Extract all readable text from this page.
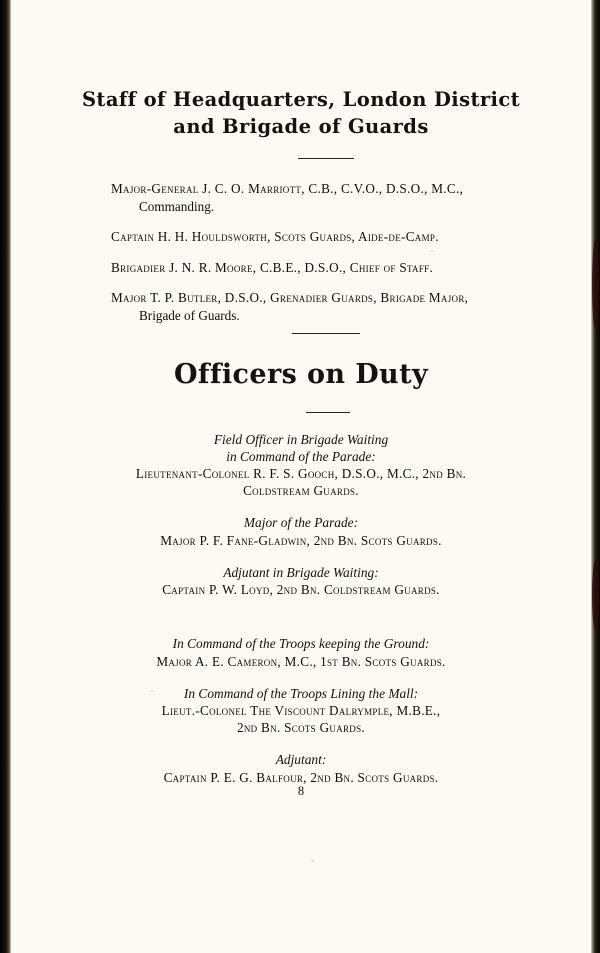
Staff of Headquarters, London District
and Brigade of Guards
Major-General J. C. O. Marriott, C.B., C.V.O., D.S.O., M.C.,
Commanding.
Captain H. H. Houldsworth, Scots Guards, Aide-de-Camp.
Brigadier J. N. R. Moore, C.B.E., D.S.O., Chief of Staff.
Major T. P. Butler, D.S.O., Grenadier Guards, Brigade Major,
Brigade of Guards.
Officers on Duty
Field Officer in Brigade Waiting
in Command of the Parade:
Lieutenant-Colonel R. F. S. Gooch, D.S.O., M.C., 2nd Bn.
Coldstream Guards.
Major of the Parade:
Major P. F. Fane-Gladwin, 2nd Bn. Scots Guards.
Adjutant in Brigade Waiting:
Captain P. W. Loyd, 2nd Bn. Coldstream Guards.
In Command of the Troops keeping the Ground:
Major A. E. Cameron, M.C., 1st Bn. Scots Guards.
In Command of the Troops Lining the Mall:
Lieut.-Colonel The Viscount Dalrymple, M.B.E.,
2nd Bn. Scots Guards.
Adjutant:
Captain P. E. G. Balfour, 2nd Bn. Scots Guards.
8
